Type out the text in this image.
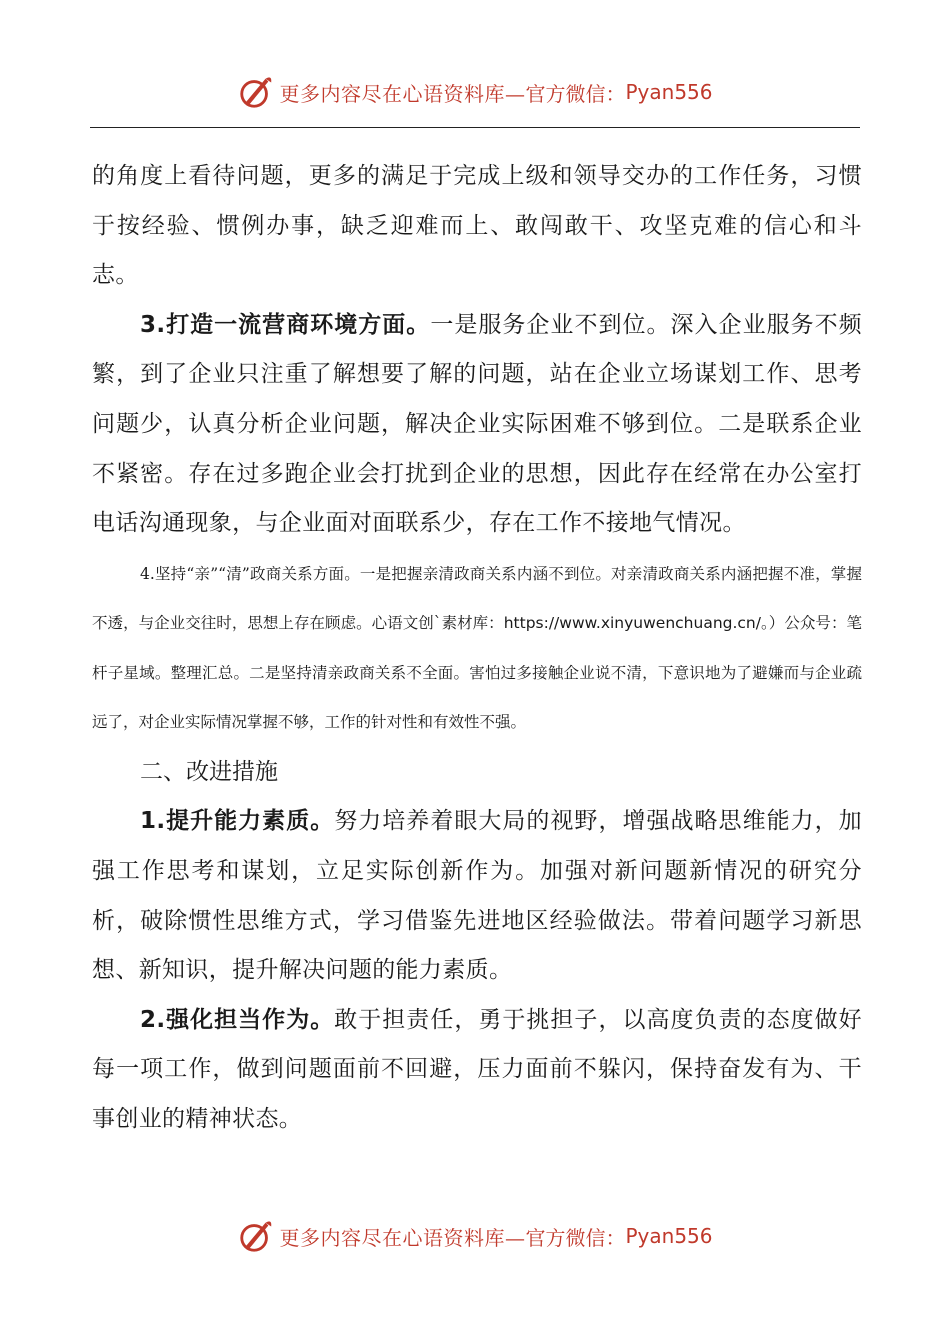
更多内容尽在心语资料库— 官方微信： Pyan556

的角度上看待问题，更多的满足于完成上级和领导交办的工作任务，习惯于按经验、惯例办事，缺乏迎难而上、敢闯敢干、攻坚克难的信心和斗志。

3.打造一流营商环境方面。一是服务企业不到位。深入企业服务不频繁，到了企业只注重了解想要了解的问题，站在企业立场谋划工作、思考问题少，认真分析企业问题，解决企业实际困难不够到位。二是联系企业不紧密。存在过多跑企业会打扰到企业的思想，因此存在经常在办公室打电话沟通现象，与企业面对面联系少，存在工作不接地气情况。

4.坚持“亲”“清”政商关系方面。一是把握亲清政商关系内涵不到位。对亲清政商关系内涵把握不准，掌握不透，与企业交往时，思想上存在顾虑。心语文创`素材库：https://www.xinyuwenchuang.cn/。）公众号：笔杆子星域。整理汇总。二是坚持清亲政商关系不全面。害怕过多接触企业说不清，下意识地为了避嫌而与企业疏远了，对企业实际情况掌握不够，工作的针对性和有效性不强。

二、改进措施

1.提升能力素质。努力培养着眼大局的视野，增强战略思维能力，加强工作思考和谋划，立足实际创新作为。加强对新问题新情况的研究分析，破除惯性思维方式，学习借鉴先进地区经验做法。带着问题学习新思想、新知识，提升解决问题的能力素质。

2.强化担当作为。敢于担责任，勇于挑担子，以高度负责的态度做好每一项工作，做到问题面前不回避，压力面前不躲闪，保持奋发有为、干事创业的精神状态。

更多内容尽在心语资料库— 官方微信： Pyan556
